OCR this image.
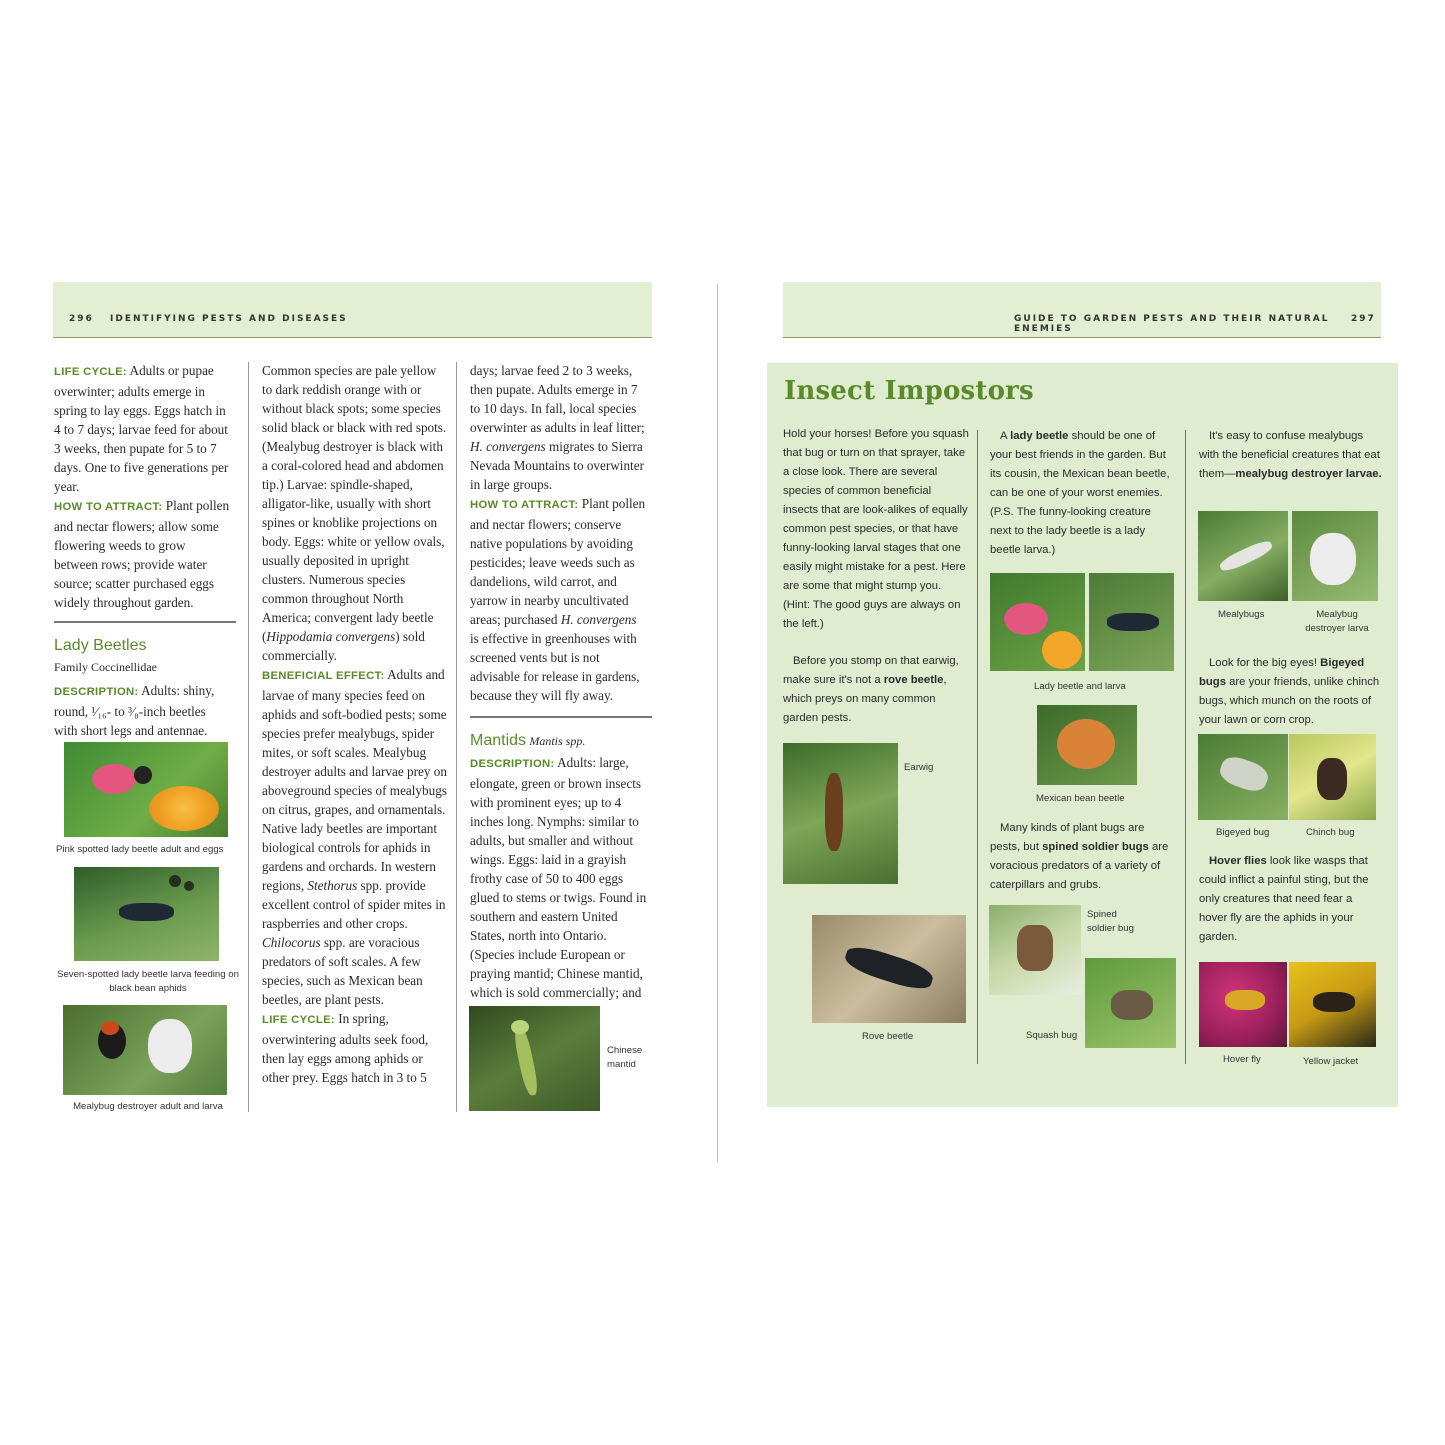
296 IDENTIFYING PESTS AND DISEASES

LIFE CYCLE: Adults or pupae overwinter; adults emerge in spring to lay eggs. Eggs hatch in 4 to 7 days; larvae feed for about 3 weeks, then pupate for 5 to 7 days. One to five generations per year.

HOW TO ATTRACT: Plant pollen and nectar flowers; allow some flowering weeds to grow between rows; provide water source; scatter purchased eggs widely throughout garden.

Lady Beetles
Family Coccinellidae

DESCRIPTION: Adults: shiny, round, ¹⁄₁₆- to ³⁄₈-inch beetles with short legs and antennae.

Pink spotted lady beetle adult and eggs
Seven-spotted lady beetle larva feeding on black bean aphids
Mealybug destroyer adult and larva

Common species are pale yellow to dark reddish orange with or without black spots; some species solid black or black with red spots. (Mealybug destroyer is black with a coral-colored head and abdomen tip.) Larvae: spindle-shaped, alligator-like, usually with short spines or knoblike projections on body. Eggs: white or yellow ovals, usually deposited in upright clusters. Numerous species common throughout North America; convergent lady beetle (Hippodamia convergens) sold commercially.

BENEFICIAL EFFECT: Adults and larvae of many species feed on aphids and soft-bodied pests; some species prefer mealybugs, spider mites, or soft scales. Mealybug destroyer adults and larvae prey on aboveground species of mealybugs on citrus, grapes, and ornamentals. Native lady beetles are important biological controls for aphids in gardens and orchards. In western regions, Stethorus spp. provide excellent control of spider mites in raspberries and other crops. Chilocorus spp. are voracious predators of soft scales. A few species, such as Mexican bean beetles, are plant pests.

LIFE CYCLE: In spring, overwintering adults seek food, then lay eggs among aphids or other prey. Eggs hatch in 3 to 5

days; larvae feed 2 to 3 weeks, then pupate. Adults emerge in 7 to 10 days. In fall, local species overwinter as adults in leaf litter; H. convergens migrates to Sierra Nevada Mountains to overwinter in large groups.

HOW TO ATTRACT: Plant pollen and nectar flowers; conserve native populations by avoiding pesticides; leave weeds such as dandelions, wild carrot, and yarrow in nearby uncultivated areas; purchased H. convergens is effective in greenhouses with screened vents but is not advisable for release in gardens, because they will fly away.

Mantids Mantis spp.

DESCRIPTION: Adults: large, elongate, green or brown insects with prominent eyes; up to 4 inches long. Nymphs: similar to adults, but smaller and without wings. Eggs: laid in a grayish frothy case of 50 to 400 eggs glued to stems or twigs. Found in southern and eastern United States, north into Ontario. (Species include European or praying mantid; Chinese mantid, which is sold commercially; and

Chinese mantid
GUIDE TO GARDEN PESTS AND THEIR NATURAL ENEMIES
297
Insect Impostors

Hold your horses! Before you squash that bug or turn on that sprayer, take a close look. There are several species of common beneficial insects that are look-alikes of equally common pest species, or that have funny-looking larval stages that one easily might mistake for a pest. Here are some that might stump you. (Hint: The good guys are always on the left.)

Before you stomp on that earwig, make sure it's not a rove beetle, which preys on many common garden pests.

Earwig
Rove beetle

A lady beetle should be one of your best friends in the garden. But its cousin, the Mexican bean beetle, can be one of your worst enemies. (P.S. The funny-looking creature next to the lady beetle is a lady beetle larva.)

Lady beetle and larva
Mexican bean beetle

Many kinds of plant bugs are pests, but spined soldier bugs are voracious predators of a variety of caterpillars and grubs.

Spined soldier bug
Squash bug

It's easy to confuse mealybugs with the beneficial creatures that eat them—mealybug destroyer larvae.

Mealybugs	Mealybug destroyer larva

Look for the big eyes! Bigeyed bugs are your friends, unlike chinch bugs, which munch on the roots of your lawn or corn crop.

Bigeyed bug	Chinch bug

Hover flies look like wasps that could inflict a painful sting, but the only creatures that need fear a hover fly are the aphids in your garden.

Hover fly	Yellow jacket
